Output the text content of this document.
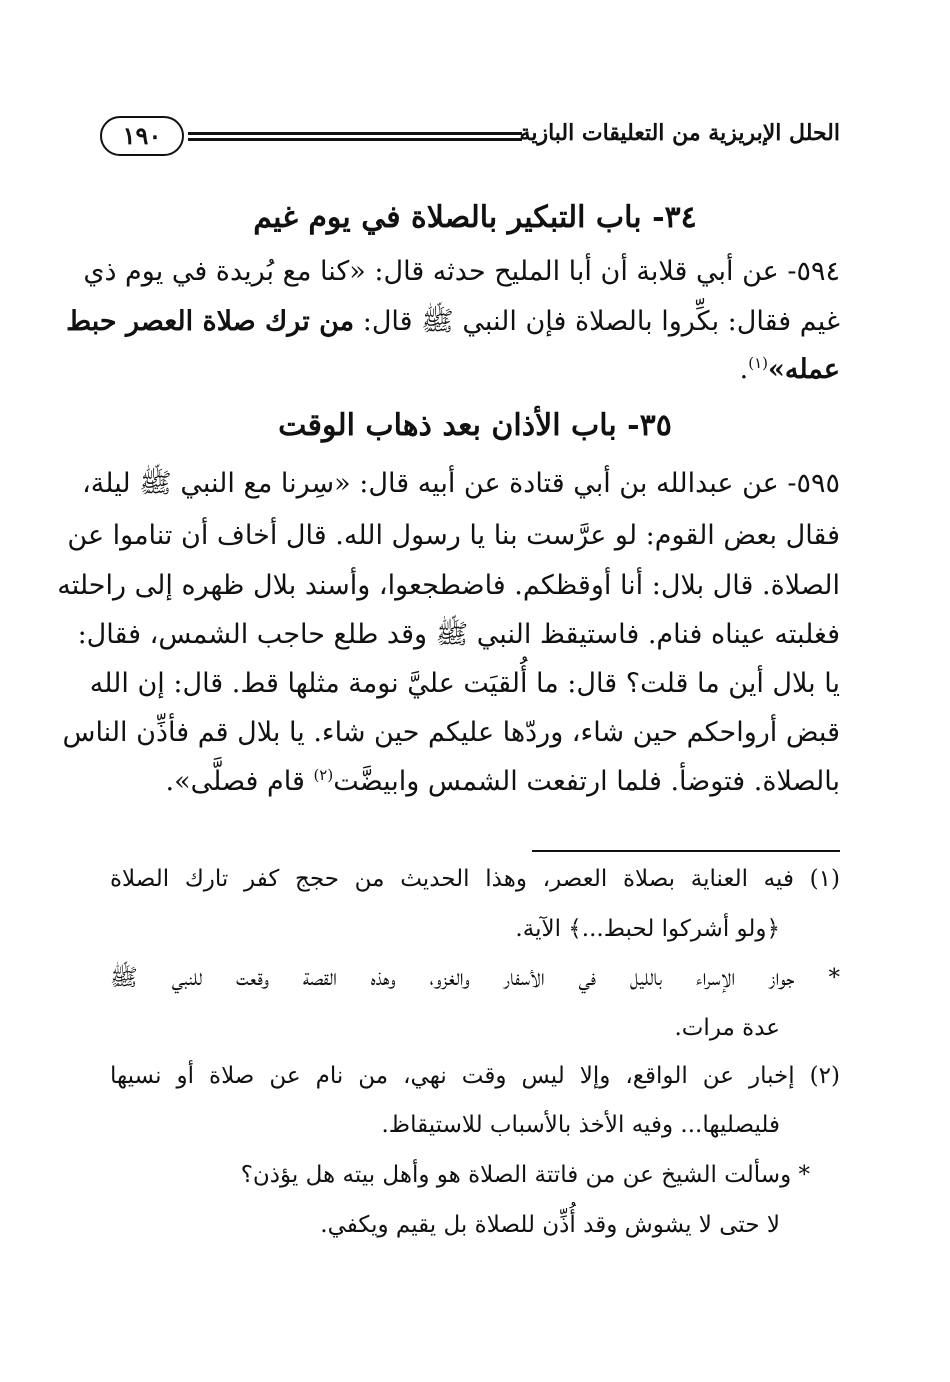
الحلل الإبريزية من التعليقات البازية
١٩٠
٣٤- باب التبكير بالصلاة في يوم غيم
٥٩٤- عن أبي قلابة أن أبا المليح حدثه قال: «كنا مع بُريدة في يوم ذي
غيم فقال: بكِّروا بالصلاة فإن النبي ﷺ قال: من ترك صلاة العصر حبط
عمله»$^{(١)}$.
٣٥- باب الأذان بعد ذهاب الوقت
٥٩٥- عن عبدالله بن أبي قتادة عن أبيه قال: «سِرنا مع النبي ﷺ ليلة،
فقال بعض القوم: لو عرَّست بنا يا رسول الله. قال أخاف أن تناموا عن
الصلاة. قال بلال: أنا أوقظكم. فاضطجعوا، وأسند بلال ظهره إلى راحلته
فغلبته عيناه فنام. فاستيقظ النبي ﷺ وقد طلع حاجب الشمس، فقال:
يا بلال أين ما قلت؟ قال: ما أُلقيَت عليَّ نومة مثلها قط. قال: إن الله
قبض أرواحكم حين شاء، وردّها عليكم حين شاء. يا بلال قم فأذِّن الناس
بالصلاة. فتوضأ. فلما ارتفعت الشمس وابيضَّت$^{(٢)}$ قام فصلَّى».
(١) فيه العناية بصلاة العصر، وهذا الحديث من حجج كفر تارك الصلاة
﴿ولو أشركوا لحبط...﴾ الآية.
* جواز الإسراء بالليل في الأسفار والغزو، وهذه القصة وقعت للنبي ﷺ
عدة مرات.
(٢) إخبار عن الواقع، وإلا ليس وقت نهي، من نام عن صلاة أو نسيها
فليصليها... وفيه الأخذ بالأسباب للاستيقاظ.
* وسألت الشيخ عن من فاتتة الصلاة هو وأهل بيته هل يؤذن؟
لا حتى لا يشوش وقد أُذِّن للصلاة بل يقيم ويكفي.
